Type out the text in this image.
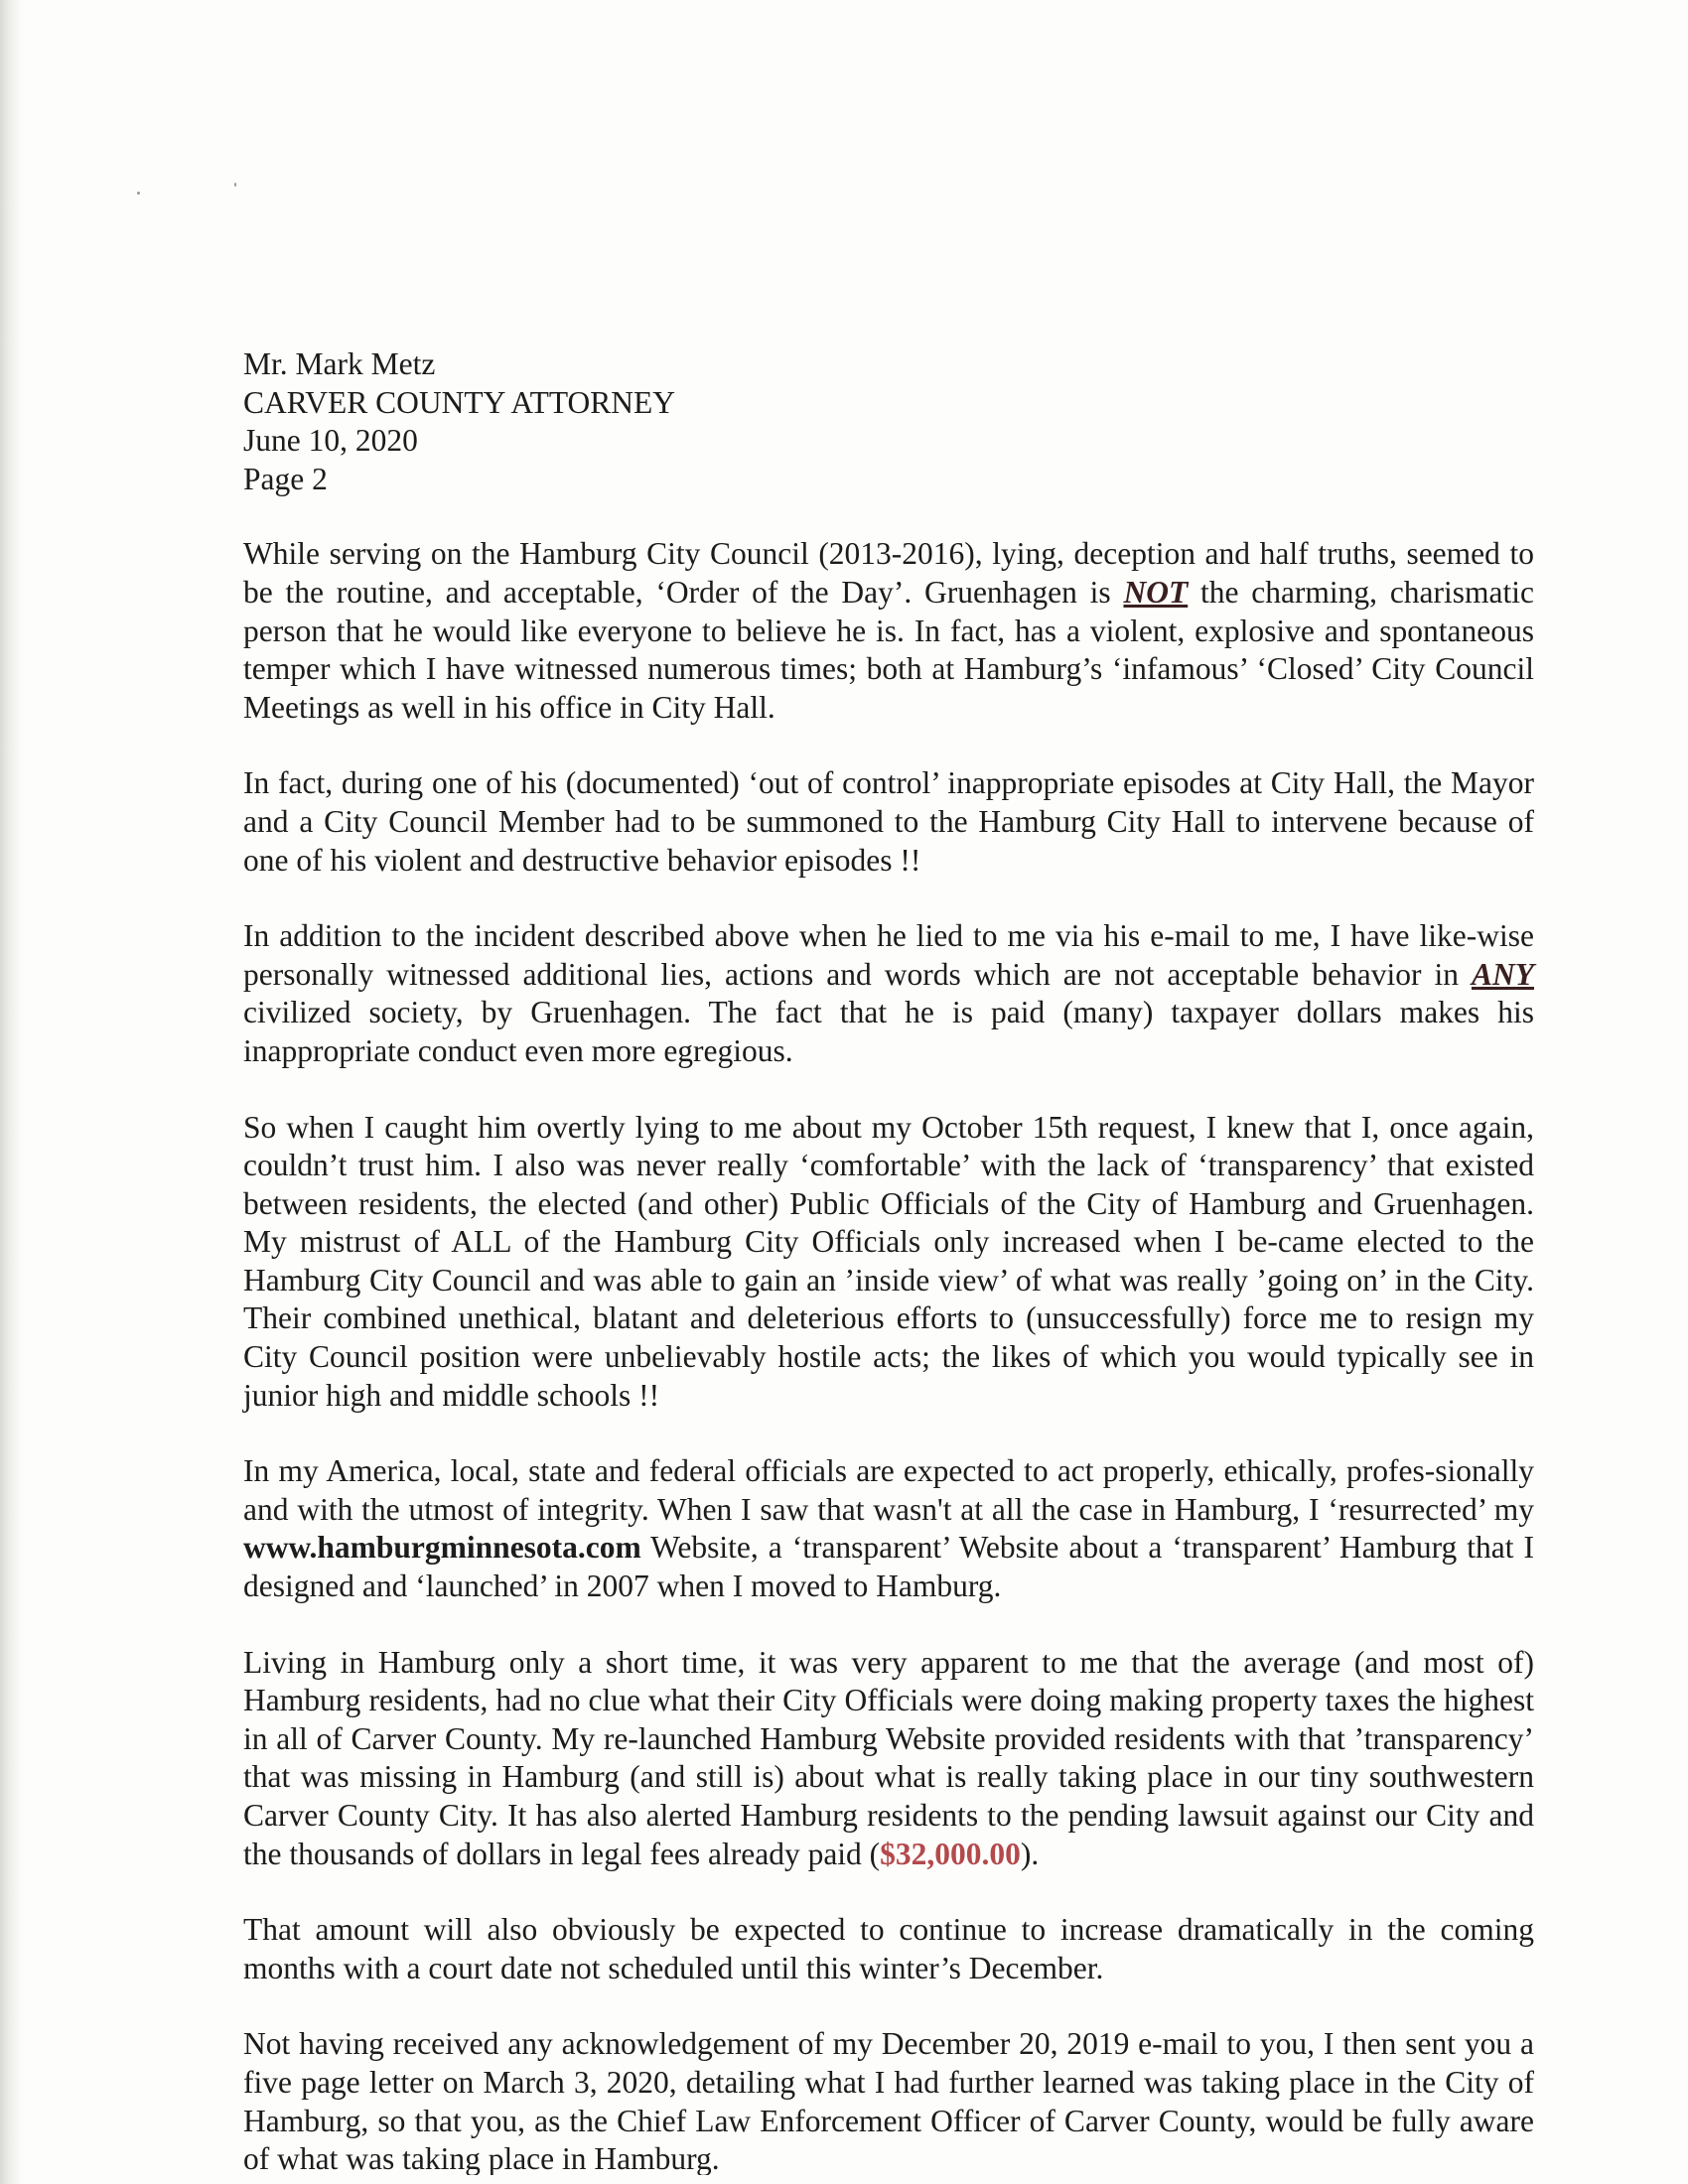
Mr. Mark Metz

CARVER COUNTY ATTORNEY

June 10, 2020

Page 2

While serving on the Hamburg City Council (2013-2016), lying, deception and half truths, seemed to be the routine, and acceptable, ‘Order of the Day’. Gruenhagen is NOT the charming, charismatic person that he would like everyone to believe he is. In fact, has a violent, explosive and spontaneous temper which I have witnessed numerous times; both at Hamburg’s ‘infamous’ ‘Closed’ City Council Meetings as well in his office in City Hall.

In fact, during one of his (documented) ‘out of control’ inappropriate episodes at City Hall, the Mayor and a City Council Member had to be summoned to the Hamburg City Hall to intervene because of one of his violent and destructive behavior episodes !!

In addition to the incident described above when he lied to me via his e-mail to me, I have like-wise personally witnessed additional lies, actions and words which are not acceptable behavior in ANY civilized society, by Gruenhagen. The fact that he is paid (many) taxpayer dollars makes his inappropriate conduct even more egregious.

So when I caught him overtly lying to me about my October 15th request, I knew that I, once again, couldn’t trust him. I also was never really ‘comfortable’ with the lack of ‘transparency’ that existed between residents, the elected (and other) Public Officials of the City of Hamburg and Gruenhagen. My mistrust of ALL of the Hamburg City Officials only increased when I be-came elected to the Hamburg City Council and was able to gain an ’inside view’ of what was really ’going on’ in the City. Their combined unethical, blatant and deleterious efforts to (unsuccessfully) force me to resign my City Council position were unbelievably hostile acts; the likes of which you would typically see in junior high and middle schools !!

In my America, local, state and federal officials are expected to act properly, ethically, profes-sionally and with the utmost of integrity. When I saw that wasn't at all the case in Hamburg, I ‘resurrected’ my www.hamburgminnesota.com Website, a ‘transparent’ Website about a ‘transparent’ Hamburg that I designed and ‘launched’ in 2007 when I moved to Hamburg.

Living in Hamburg only a short time, it was very apparent to me that the average (and most of) Hamburg residents, had no clue what their City Officials were doing making property taxes the highest in all of Carver County. My re-launched Hamburg Website provided residents with that ’transparency’ that was missing in Hamburg (and still is) about what is really taking place in our tiny southwestern Carver County City. It has also alerted Hamburg residents to the pending lawsuit against our City and the thousands of dollars in legal fees already paid ($32,000.00).

That amount will also obviously be expected to continue to increase dramatically in the coming months with a court date not scheduled until this winter’s December.

Not having received any acknowledgement of my December 20, 2019 e-mail to you, I then sent you a five page letter on March 3, 2020, detailing what I had further learned was taking place in the City of Hamburg, so that you, as the Chief Law Enforcement Officer of Carver County, would be fully aware of what was taking place in Hamburg.
